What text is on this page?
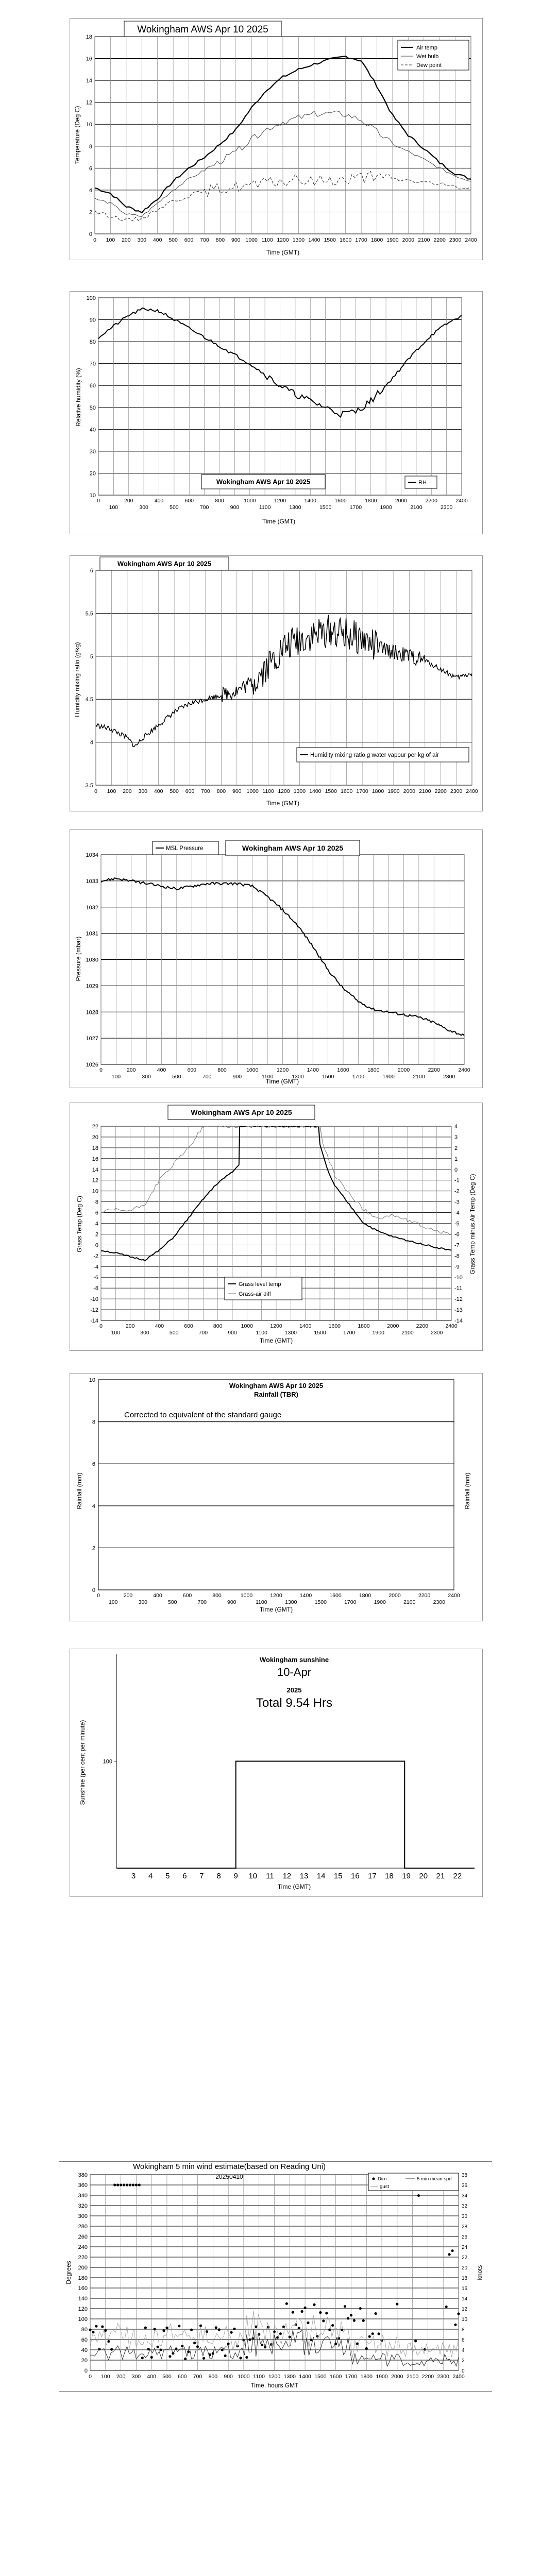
0
2
4
6
8
10
12
14
16
18
0 100 200 300 400 500 600 700 800 900 1000 1100 1200 1300 1400 1500 1600 1700 1800 1900 2000 2100 2200 2300 2400
Wokingham AWS Apr 10 2025
Time (GMT)
Temperature (Deg C)
Air temp
Wet bulb
Dew point
10
20
30
40
50
60
70
80
90
100
0	200	400	600	800	1000	1200	1400	1600	1800	2000	2200	2400
100	300	500	700	900	1100	1300	1500	1700	1900	2100	2300
Relative humidity (%)
Time (GMT)
Wokingham AWS Apr 10 2025	RH
3.5
4
4.5
5
5.5
6
0 100 200 300 400 500 600 700 800 900 1000 1100 1200 1300 1400 1500 1600 1700 1800 1900 2000 2100 2200 2300 2400
Humidity mixing ratio (g/kg)
Time (GMT)
Wokingham AWS Apr 10 2025
Humidity mixing ratio g water vapour per kg of air
1026
1027
1028
1029
1030
1031
1032
1033
1034
0	200	400	600	800	1000	1200	1400	1600	1800	2000	2200	2400
100	300	500	700	900	1100	1300	1500	1700	1900	2100	2300
Pressure (mbar)
Time (GMT)
MSL Pressure	Wokingham AWS Apr 10 2025
-14
-12
-10
-8
-6
-4
-2
0
2
4
6
8
10
12
14
16
18
20
22
0	200	400	600	800	1000	1200	1400	1600	1800	2000	2200	2400
100	300	500	700	900	1100	1300	1500	1700	1900	2100	2300
-14
-13
-12
-11
-10
-9
-8
-7
-6
-5
-4
-3
-2
-1
0
1
2
3
4
Grass Temp (Deg C)	Grass Temp minus Air Temp (Deg C)
Time (GMT)
Wokingham AWS Apr 10 2025
Grass level temp
Grass-air diff
0
2
4
6
8
10
0	200	400	600	800	1000	1200	1400	1600	1800	2000	2200	2400
100	300	500	700	900	1100	1300	1500	1700	1900	2100	2300
Rainfall (mm)	Rainfall (mm)
Time (GMT)
Wokingham AWS Apr 10 2025
Rainfall (TBR)
Corrected to equivalent of the standard gauge
100
3 4 5 6 7 8 9 10 11 12 13 14 15 16 17 18 19 20 21 22
Sunshine (per cent per minute)
Time (GMT)
Wokingham sunshine
10-Apr
2025
Total 9.54 Hrs
0
20
40
60
80
100
120
140
160
180
200
220
240
260
280
300
320
340
360
380
0 100 200 300 400 500 600 700 800 900 1000 1100 1200 1300 1400 1500 1600 1700 1800 1900 2000 2100 2200 2300 2400
0
2
4
6
8
10
12
14
16
18
20
22
24
26
28
30
32
34
36
38
Degrees	knots
Time, hours GMT
Wokingham 5 min wind estimate(based on Reading Uni)
20250410	Dirn	5 min mean spd
gust
